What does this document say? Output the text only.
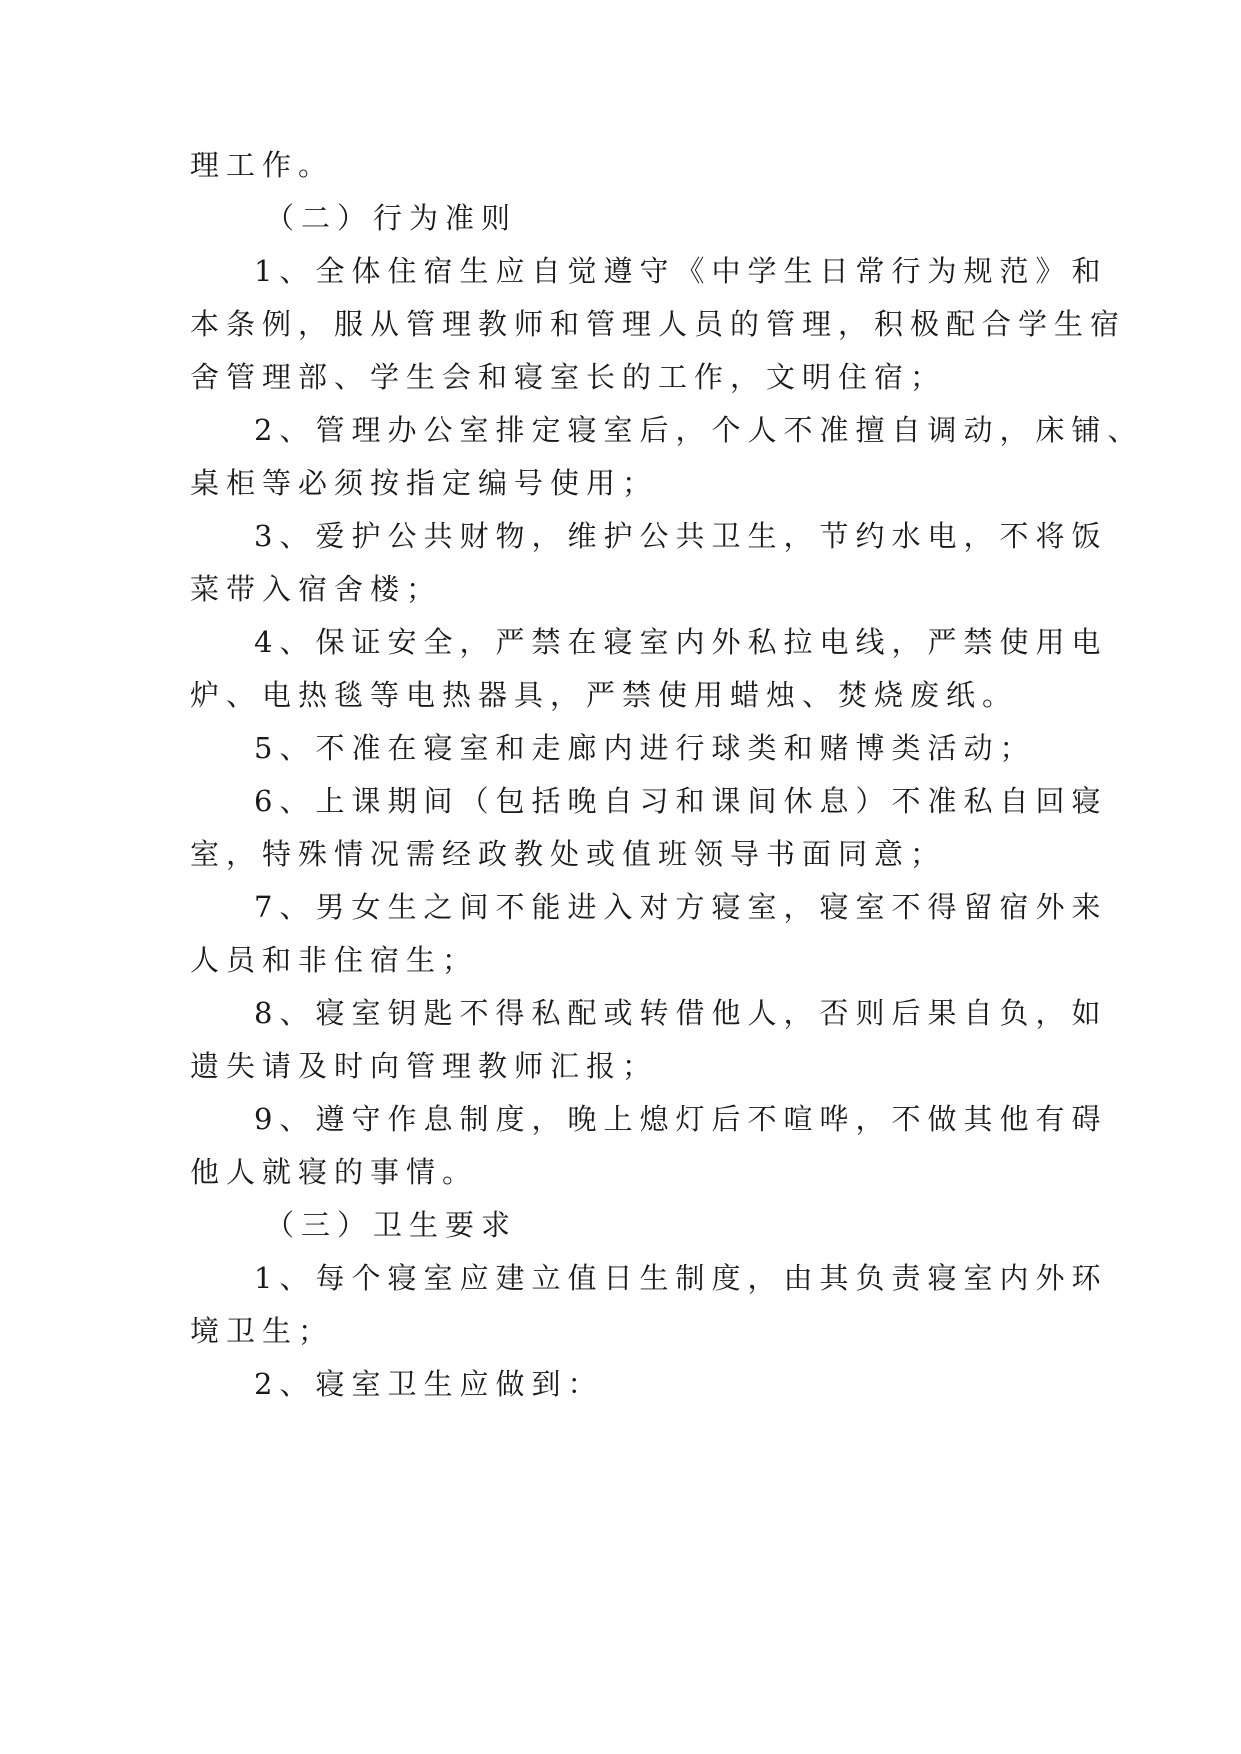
理工作。
（二）行为准则
1、全体住宿生应自觉遵守《中学生日常行为规范》和
本条例，服从管理教师和管理人员的管理，积极配合学生宿
舍管理部、学生会和寝室长的工作，文明住宿；
2、管理办公室排定寝室后，个人不准擅自调动，床铺、
桌柜等必须按指定编号使用；
3、爱护公共财物，维护公共卫生，节约水电，不将饭
菜带入宿舍楼；
4、保证安全，严禁在寝室内外私拉电线，严禁使用电
炉、电热毯等电热器具，严禁使用蜡烛、焚烧废纸。
5、不准在寝室和走廊内进行球类和赌博类活动；
6、上课期间（包括晚自习和课间休息）不准私自回寝
室，特殊情况需经政教处或值班领导书面同意；
7、男女生之间不能进入对方寝室，寝室不得留宿外来
人员和非住宿生；
8、寝室钥匙不得私配或转借他人，否则后果自负，如
遗失请及时向管理教师汇报；
9、遵守作息制度，晚上熄灯后不喧哗，不做其他有碍
他人就寝的事情。
（三）卫生要求
1、每个寝室应建立值日生制度，由其负责寝室内外环
境卫生；
2、寝室卫生应做到：
